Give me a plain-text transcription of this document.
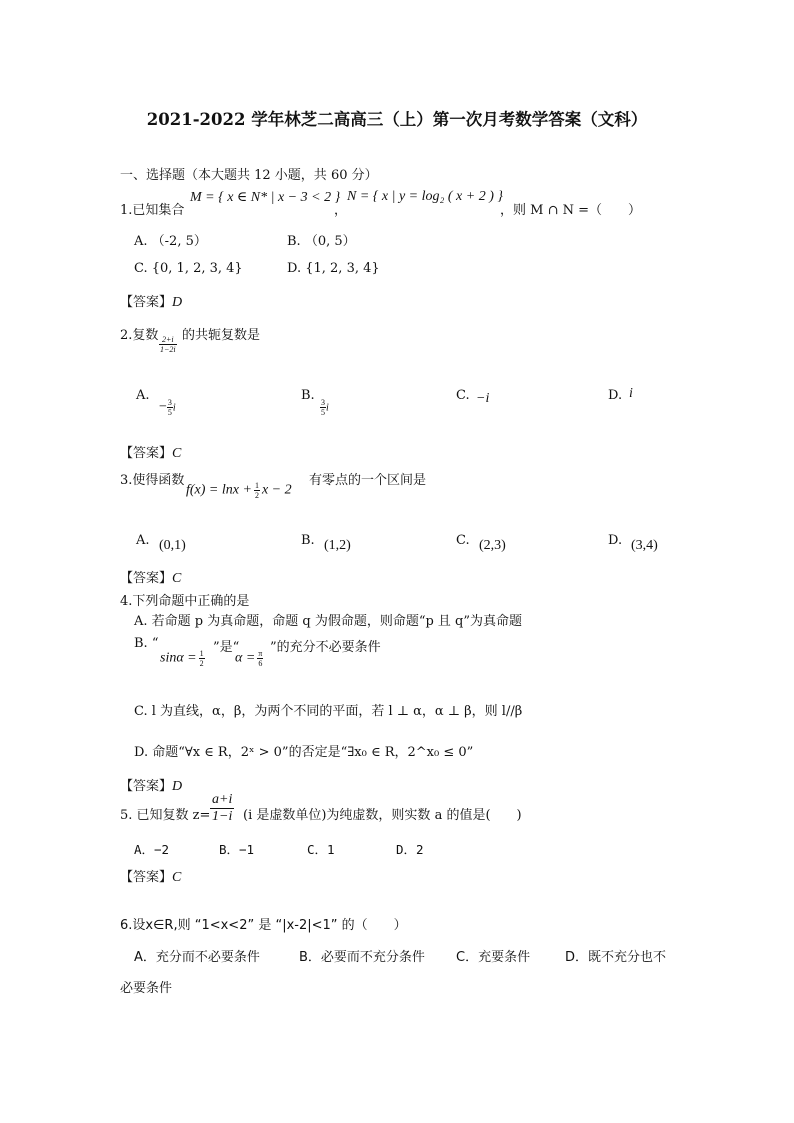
2021-2022 学年林芝二高高三（上）第一次月考数学答案（文科）
一、选择题（本大题共 12 小题，共 60 分）
1.已知集合
M = { x ∈ N* | x − 3 < 2 }
，
N = { x | y = log₂ ( x + 2 ) }
，则 M ∩ N =（　　）
A. （-2, 5）	B. （0, 5）
C. {0, 1, 2, 3, 4}	D. {1, 2, 3, 4}
【答案】D
2.复数 $\frac{2+i}{1-2i}$ 的共轭复数是
A.
− $\frac{3}{5}$ i
B.
$\frac{3}{5}$ i
C. −i	D. i
【答案】C
3.使得函数
$f(x) = \ln x + \frac{1}{2}$ x − 2
有零点的一个区间是
A. (0,1)	B. (1,2)	C. (2,3)	D. (3,4)
【答案】C
4.下列命题中正确的是
A. 若命题 p 为真命题，命题 q 为假命题，则命题“p 且 q”为真命题
B. “
$\sin\alpha = \frac{1}{2}$
”是“
$\alpha = \frac{\pi}{6}$
”的充分不必要条件
C. l 为直线，α，β，为两个不同的平面，若 l ⊥ α，α ⊥ β，则 l//β
D. 命题“∀x ∈ R，2ˣ > 0”的否定是“∃x₀ ∈ R，2^x₀ ≤ 0”
【答案】D
5. 已知复数 $z= \frac{a+i}{1-i} (i$ 是虚数单位)为纯虚数，则实数 a 的值是(　　)
A．−2	B．−1	C．1	D．2
【答案】C
6.设x∈R,则 “1<x<2” 是 “|x-2|<1” 的（　　）
A．充分而不必要条件	B．必要而不充分条件 C．充要条件	D．既不充分也不
必要条件
